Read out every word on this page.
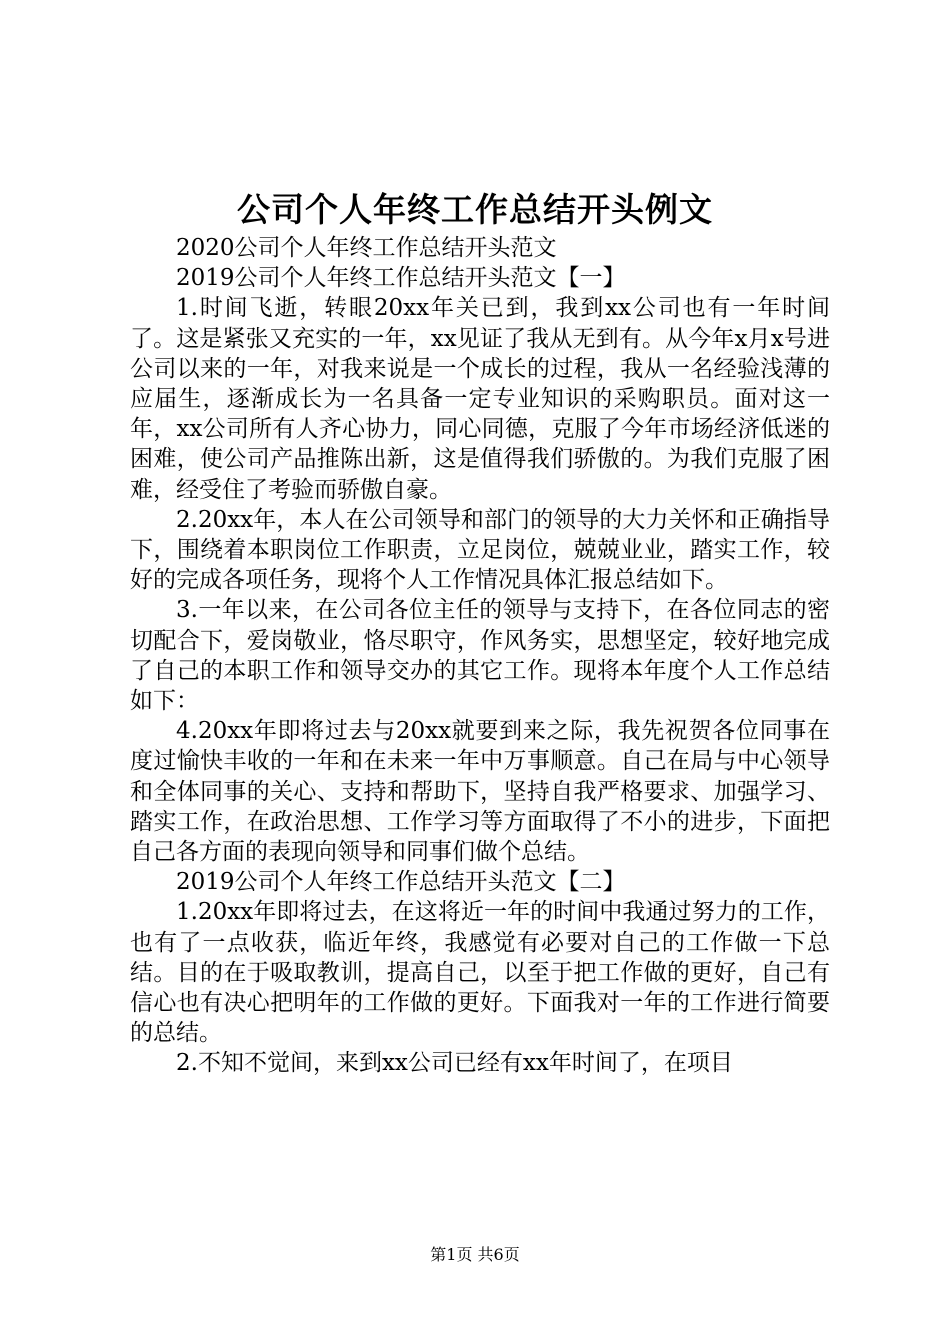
公司个人年终工作总结开头例文

2020公司个人年终工作总结开头范文

2019公司个人年终工作总结开头范文【一】

1.时间飞逝，转眼20xx年关已到，我到xx公司也有一年时间了。这是紧张又充实的一年，xx见证了我从无到有。从今年x月x号进公司以来的一年，对我来说是一个成长的过程，我从一名经验浅薄的应届生，逐渐成长为一名具备一定专业知识的采购职员。面对这一年，xx公司所有人齐心协力，同心同德，克服了今年市场经济低迷的困难，使公司产品推陈出新，这是值得我们骄傲的。为我们克服了困难，经受住了考验而骄傲自豪。

2.20xx年，本人在公司领导和部门的领导的大力关怀和正确指导下，围绕着本职岗位工作职责，立足岗位，兢兢业业，踏实工作，较好的完成各项任务，现将个人工作情况具体汇报总结如下。

3.一年以来，在公司各位主任的领导与支持下，在各位同志的密切配合下，爱岗敬业，恪尽职守，作风务实，思想坚定，较好地完成了自己的本职工作和领导交办的其它工作。现将本年度个人工作总结如下：

4.20xx年即将过去与20xx就要到来之际，我先祝贺各位同事在度过愉快丰收的一年和在未来一年中万事顺意。自己在局与中心领导和全体同事的关心、支持和帮助下，坚持自我严格要求、加强学习、踏实工作，在政治思想、工作学习等方面取得了不小的进步，下面把自己各方面的表现向领导和同事们做个总结。

2019公司个人年终工作总结开头范文【二】

1.20xx年即将过去，在这将近一年的时间中我通过努力的工作，也有了一点收获，临近年终，我感觉有必要对自己的工作做一下总结。目的在于吸取教训，提高自己，以至于把工作做的更好，自己有信心也有决心把明年的工作做的更好。下面我对一年的工作进行简要的总结。

2.不知不觉间，来到xx公司已经有xx年时间了，在项目

第1页 共6页
